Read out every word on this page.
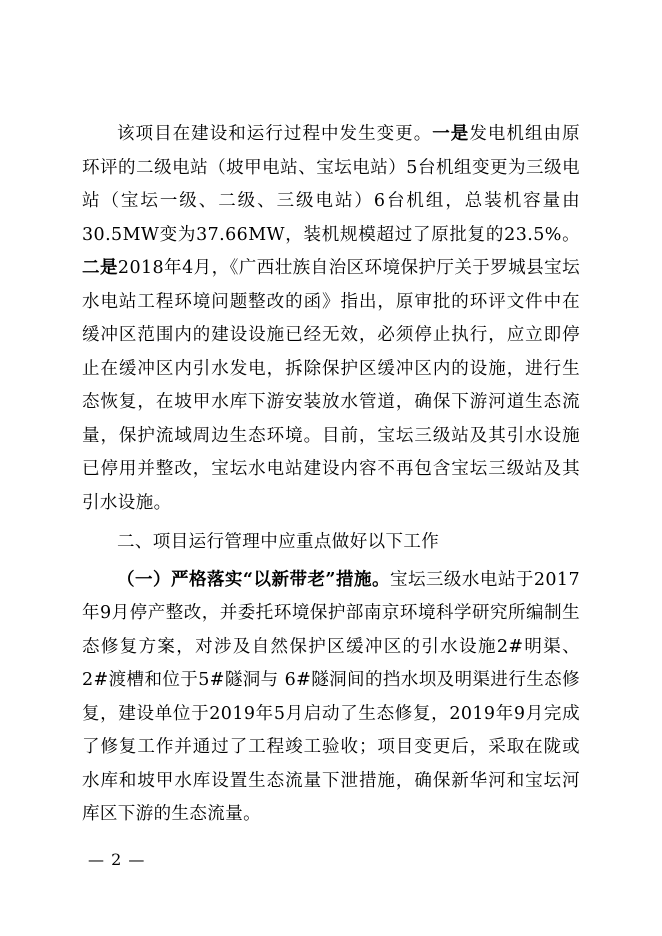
该项目在建设和运行过程中发生变更。一是发电机组由原环评的二级电站（坡甲电站、宝坛电站）5台机组变更为三级电站（宝坛一级、二级、三级电站）6台机组，总装机容量由30.5MW变为37.66MW，装机规模超过了原批复的23.5%。二是2018年4月，《广西壮族自治区环境保护厅关于罗城县宝坛水电站工程环境问题整改的函》指出，原审批的环评文件中在缓冲区范围内的建设设施已经无效，必须停止执行，应立即停止在缓冲区内引水发电，拆除保护区缓冲区内的设施，进行生态恢复，在坡甲水库下游安装放水管道，确保下游河道生态流量，保护流域周边生态环境。目前，宝坛三级站及其引水设施已停用并整改，宝坛水电站建设内容不再包含宝坛三级站及其引水设施。

二、项目运行管理中应重点做好以下工作

（一）严格落实“以新带老”措施。宝坛三级水电站于2017年9月停产整改，并委托环境保护部南京环境科学研究所编制生态修复方案，对涉及自然保护区缓冲区的引水设施2#明渠、2#渡槽和位于5#隧洞与 6#隧洞间的挡水坝及明渠进行生态修复，建设单位于2019年5月启动了生态修复，2019年9月完成了修复工作并通过了工程竣工验收；项目变更后，采取在陇或水库和坡甲水库设置生态流量下泄措施，确保新华河和宝坛河库区下游的生态流量。

— 2 —
